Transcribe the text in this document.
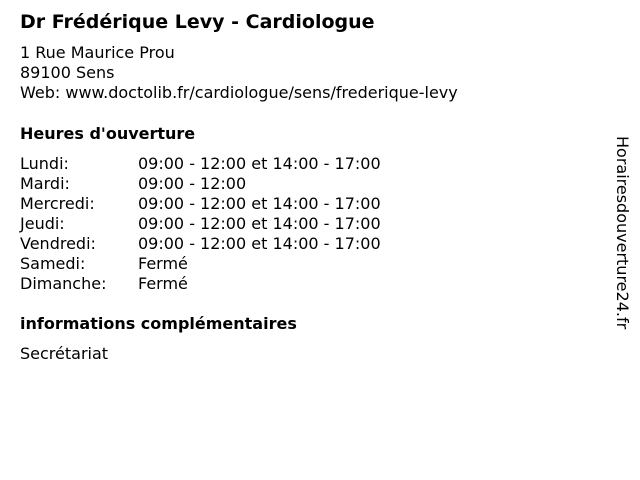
Dr Frédérique Levy - Cardiologue
1 Rue Maurice Prou
89100 Sens
Web: www.doctolib.fr/cardiologue/sens/frederique-levy
Heures d'ouverture
Lundi:	09:00 - 12:00 et 14:00 - 17:00
Mardi:	09:00 - 12:00
Mercredi:	09:00 - 12:00 et 14:00 - 17:00
Jeudi:	09:00 - 12:00 et 14:00 - 17:00
Vendredi:	09:00 - 12:00 et 14:00 - 17:00
Samedi:	Fermé
Dimanche:	Fermé
informations complémentaires
Secrétariat
Horairesdouverture24.fr
